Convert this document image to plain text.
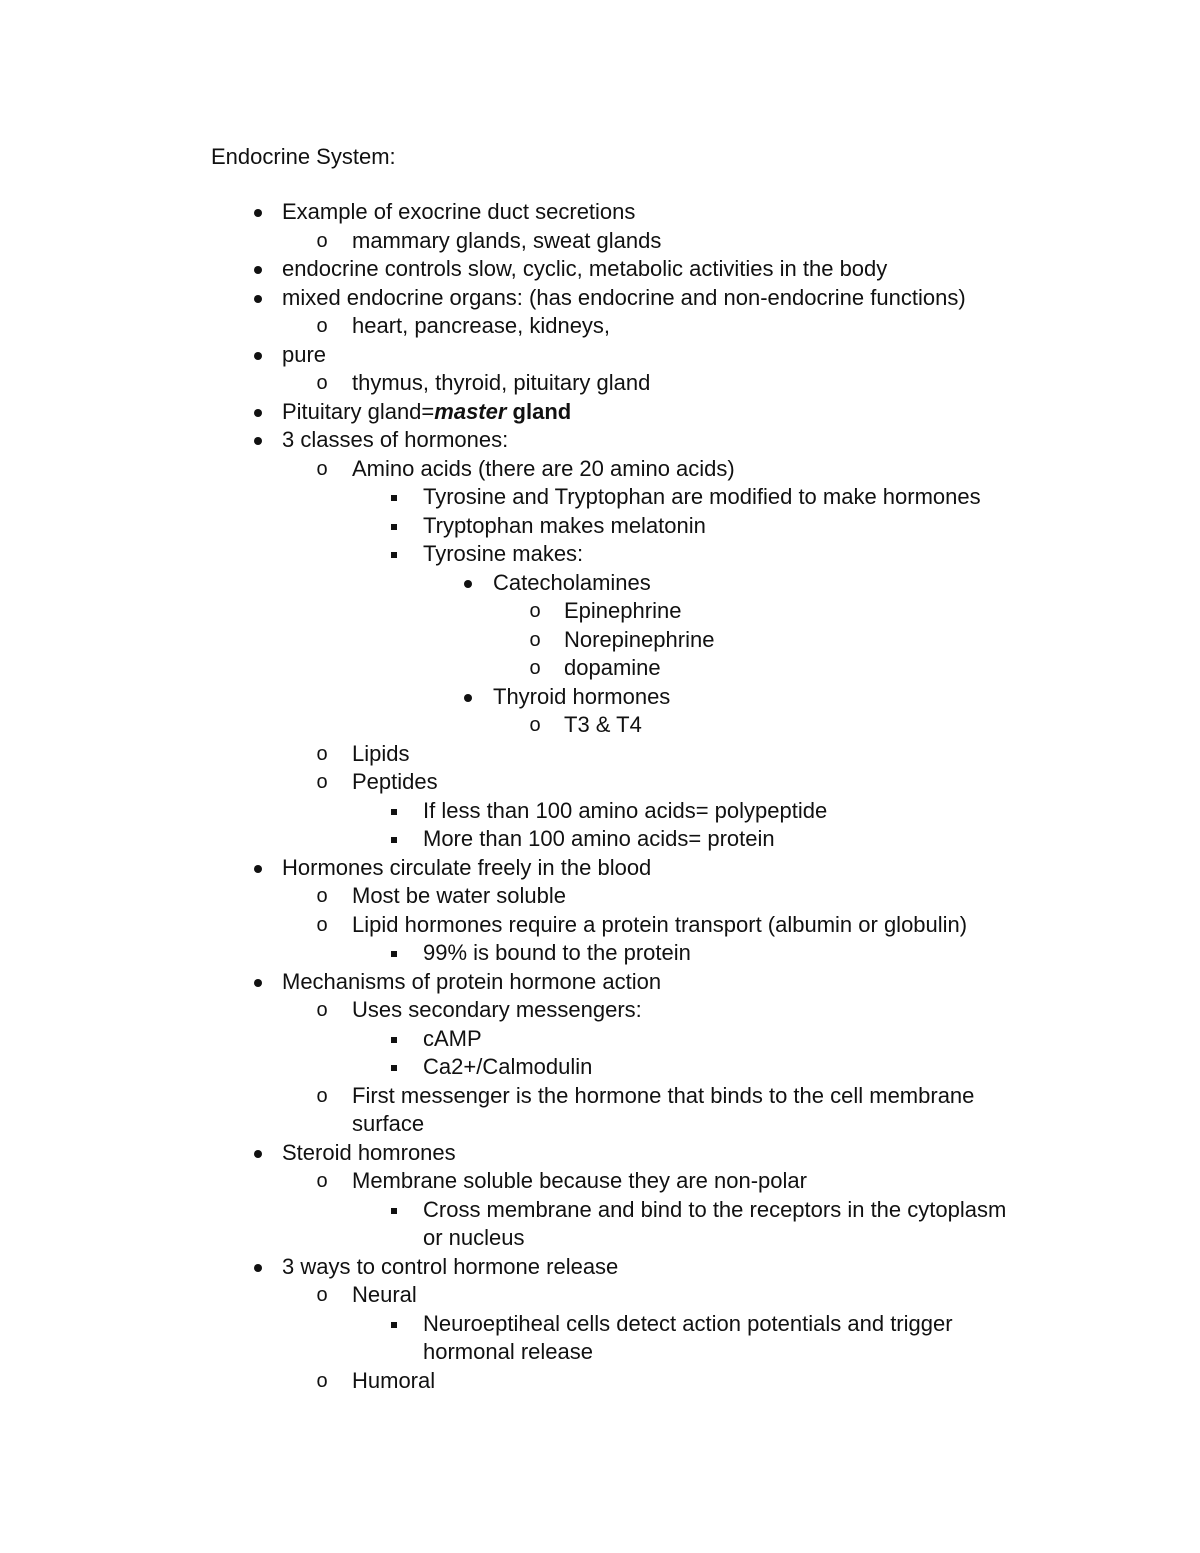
Endocrine System:
Example of exocrine duct secretions
o mammary glands, sweat glands
endocrine controls slow, cyclic, metabolic activities in the body
mixed endocrine organs: (has endocrine and non-endocrine functions)
o heart, pancrease, kidneys,
pure
o thymus, thyroid, pituitary gland
Pituitary gland=master gland
3 classes of hormones:
o Amino acids (there are 20 amino acids)
Tyrosine and Tryptophan are modified to make hormones
Tryptophan makes melatonin
Tyrosine makes:
Catecholamines
o Epinephrine
o Norepinephrine
o dopamine
Thyroid hormones
o T3 & T4
o Lipids
o Peptides
If less than 100 amino acids= polypeptide
More than 100 amino acids= protein
Hormones circulate freely in the blood
o Most be water soluble
o Lipid hormones require a protein transport (albumin or globulin)
99% is bound to the protein
Mechanisms of protein hormone action
o Uses secondary messengers:
cAMP
Ca2+/Calmodulin
o First messenger is the hormone that binds to the cell membrane
surface
Steroid homrones
o Membrane soluble because they are non-polar
Cross membrane and bind to the receptors in the cytoplasm
or nucleus
3 ways to control hormone release
o Neural
Neuroeptiheal cells detect action potentials and trigger
hormonal release
o Humoral
